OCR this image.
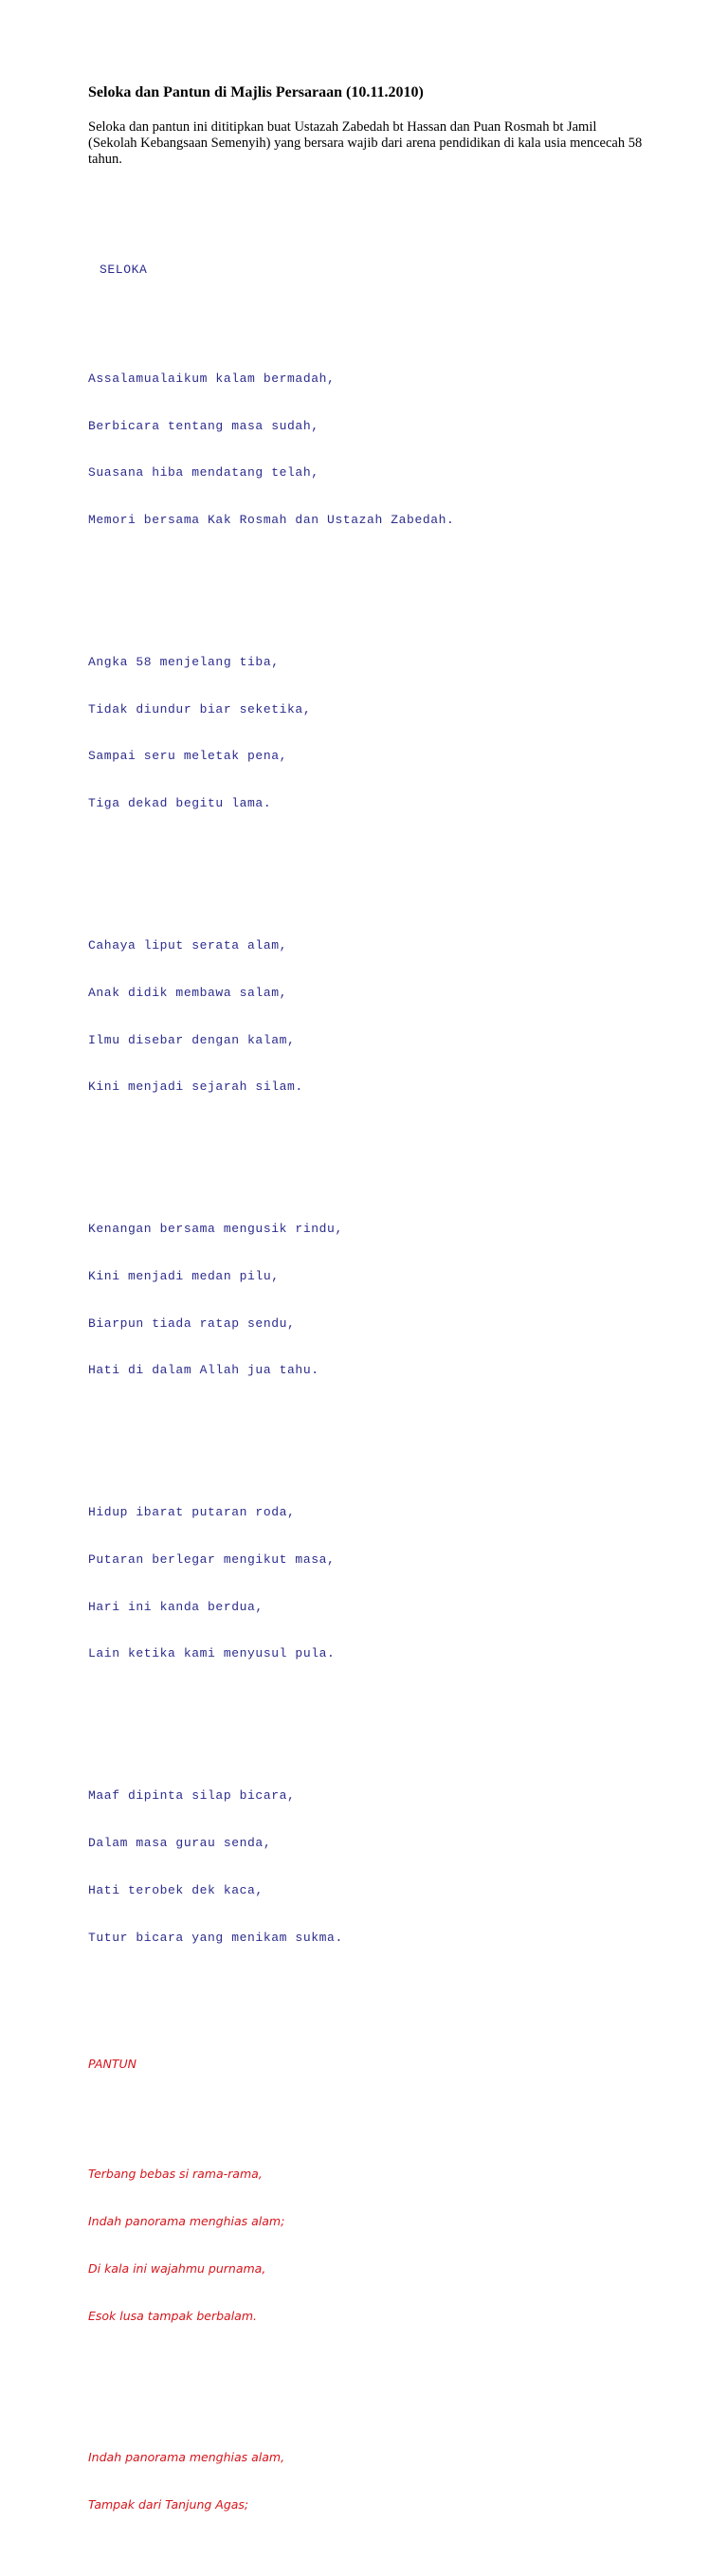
Seloka dan Pantun di Majlis Persaraan (10.11.2010)
Seloka dan pantun ini dititipkan buat Ustazah Zabedah bt Hassan dan Puan Rosmah bt Jamil (Sekolah Kebangsaan Semenyih) yang bersara wajib dari arena pendidikan di kala usia mencecah 58 tahun.

SELOKA

Assalamualaikum kalam bermadah,

Berbicara tentang masa sudah,

Suasana hiba mendatang telah,

Memori bersama Kak Rosmah dan Ustazah Zabedah.

Angka 58 menjelang tiba,

Tidak diundur biar seketika,

Sampai seru meletak pena,

Tiga dekad begitu lama.

Cahaya liput serata alam,

Anak didik membawa salam,

Ilmu disebar dengan kalam,

Kini menjadi sejarah silam.

Kenangan bersama mengusik rindu,

Kini menjadi medan pilu,

Biarpun tiada ratap sendu,

Hati di dalam Allah jua tahu.

Hidup ibarat putaran roda,

Putaran berlegar mengikut masa,

Hari ini kanda berdua,

Lain ketika kami menyusul pula.

Maaf dipinta silap bicara,

Dalam masa gurau senda,

Hati terobek dek kaca,

Tutur bicara yang menikam sukma.

PANTUN

Terbang bebas si rama-rama,

Indah panorama menghias alam;

Di kala ini wajahmu purnama,

Esok lusa tampak berbalam.

Indah panorama menghias alam,

Tampak dari Tanjung Agas;
